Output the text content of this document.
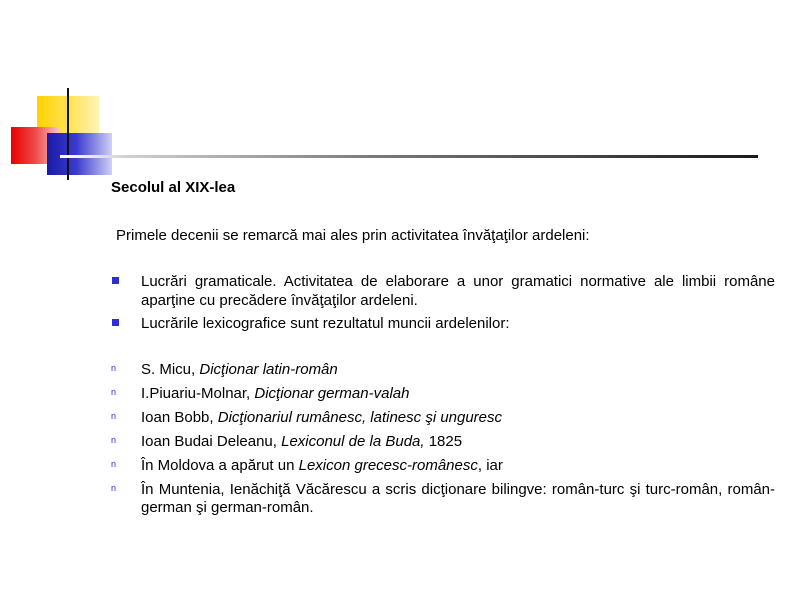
Secolul al XIX-lea

Primele decenii se remarcă mai ales prin activitatea învăţaţilor ardeleni:

Lucrări gramaticale. Activitatea de elaborare a unor gramatici normative ale limbii române aparţine cu precădere învăţaţilor ardeleni.
Lucrările lexicografice sunt rezultatul muncii ardelenilor:
n S. Micu, Dicţionar latin-român
n I.Piuariu-Molnar, Dicţionar german-valah
n Ioan Bobb, Dicţionariul rumânesc, latinesc şi unguresc
n Ioan Budai Deleanu, Lexiconul de la Buda, 1825
n În Moldova a apărut un Lexicon grecesc-românesc, iar
n În Muntenia, Ienăchiţă Văcărescu a scris dicţionare bilingve: român-turc şi turc-român, român-german şi german-român.
